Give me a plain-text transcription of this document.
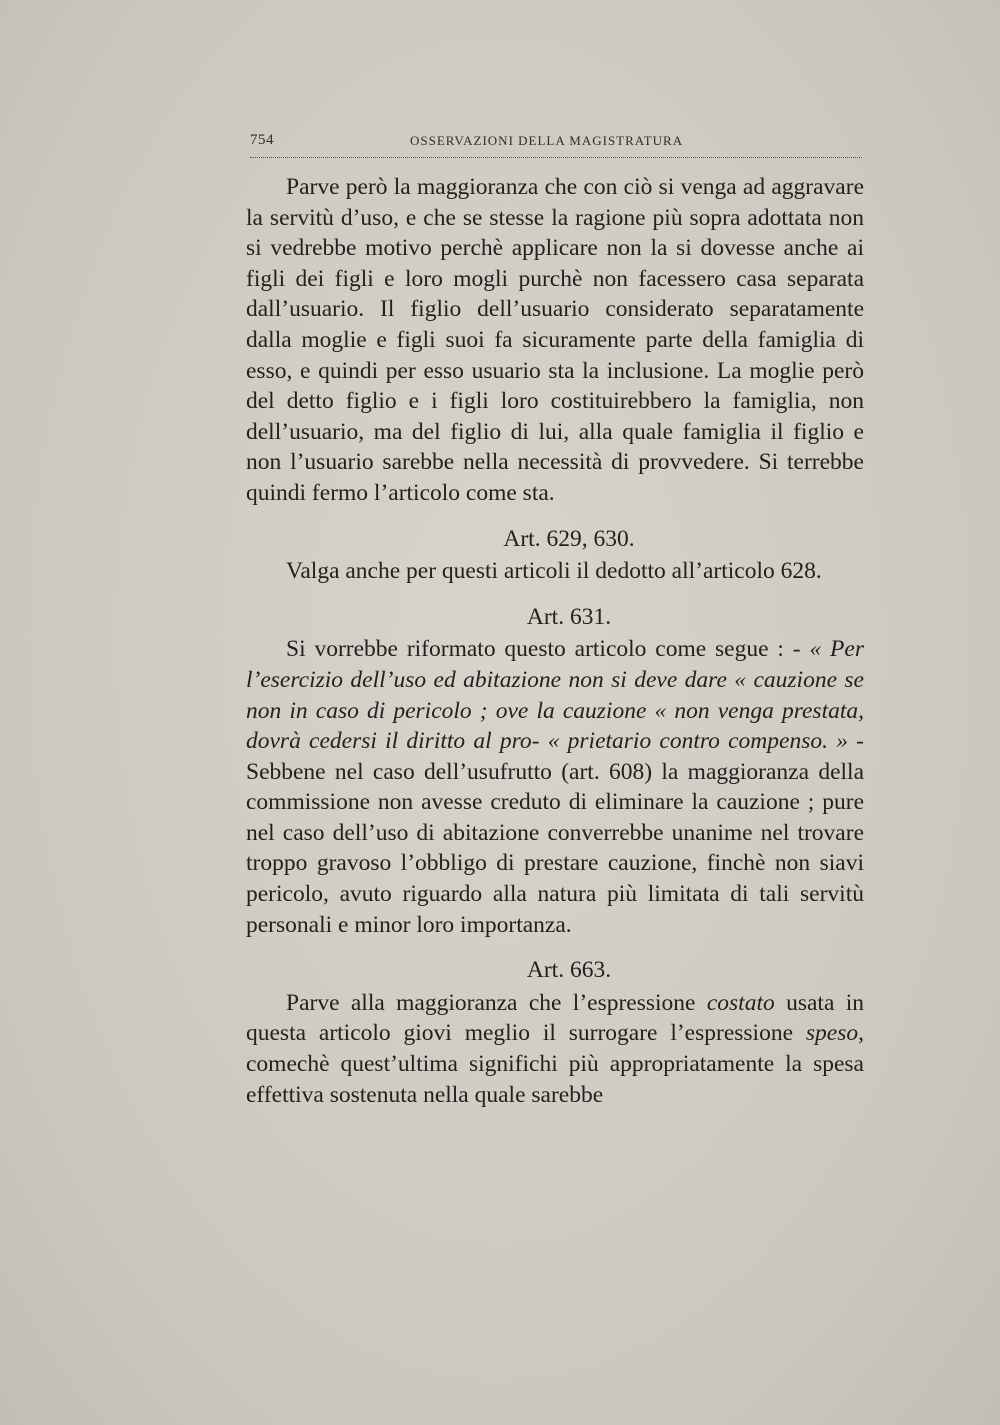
754	OSSERVAZIONI DELLA MAGISTRATURA

Parve però la maggioranza che con ciò si venga ad aggravare la servitù d’uso, e che se stesse la ragione più sopra adottata non si vedrebbe motivo perchè applicare non la si dovesse anche ai figli dei figli e loro mogli purchè non facessero casa separata dall’usuario. Il figlio dell’usuario considerato separatamente dalla moglie e figli suoi fa sicuramente parte della famiglia di esso, e quindi per esso usuario sta la inclusione. La moglie però del detto figlio e i figli loro costituirebbero la famiglia, non dell’usuario, ma del figlio di lui, alla quale famiglia il figlio e non l’usuario sarebbe nella necessità di provvedere. Si terrebbe quindi fermo l’articolo come sta.

Art. 629, 630.

Valga anche per questi articoli il dedotto all’articolo 628.

Art. 631.

Si vorrebbe riformato questo articolo come segue : - « Per l’esercizio dell’uso ed abitazione non si deve dare « cauzione se non in caso di pericolo ; ove la cauzione « non venga prestata, dovrà cedersi il diritto al pro- « prietario contro compenso. » - Sebbene nel caso dell’usufrutto (art. 608) la maggioranza della commissione non avesse creduto di eliminare la cauzione ; pure nel caso dell’uso di abitazione converrebbe unanime nel trovare troppo gravoso l’obbligo di prestare cauzione, finchè non siavi pericolo, avuto riguardo alla natura più limitata di tali servitù personali e minor loro importanza.

Art. 663.

Parve alla maggioranza che l’espressione costato usata in questa articolo giovi meglio il surrogare l’espressione speso, comechè quest’ultima significhi più appropriatamente la spesa effettiva sostenuta nella quale sarebbe
